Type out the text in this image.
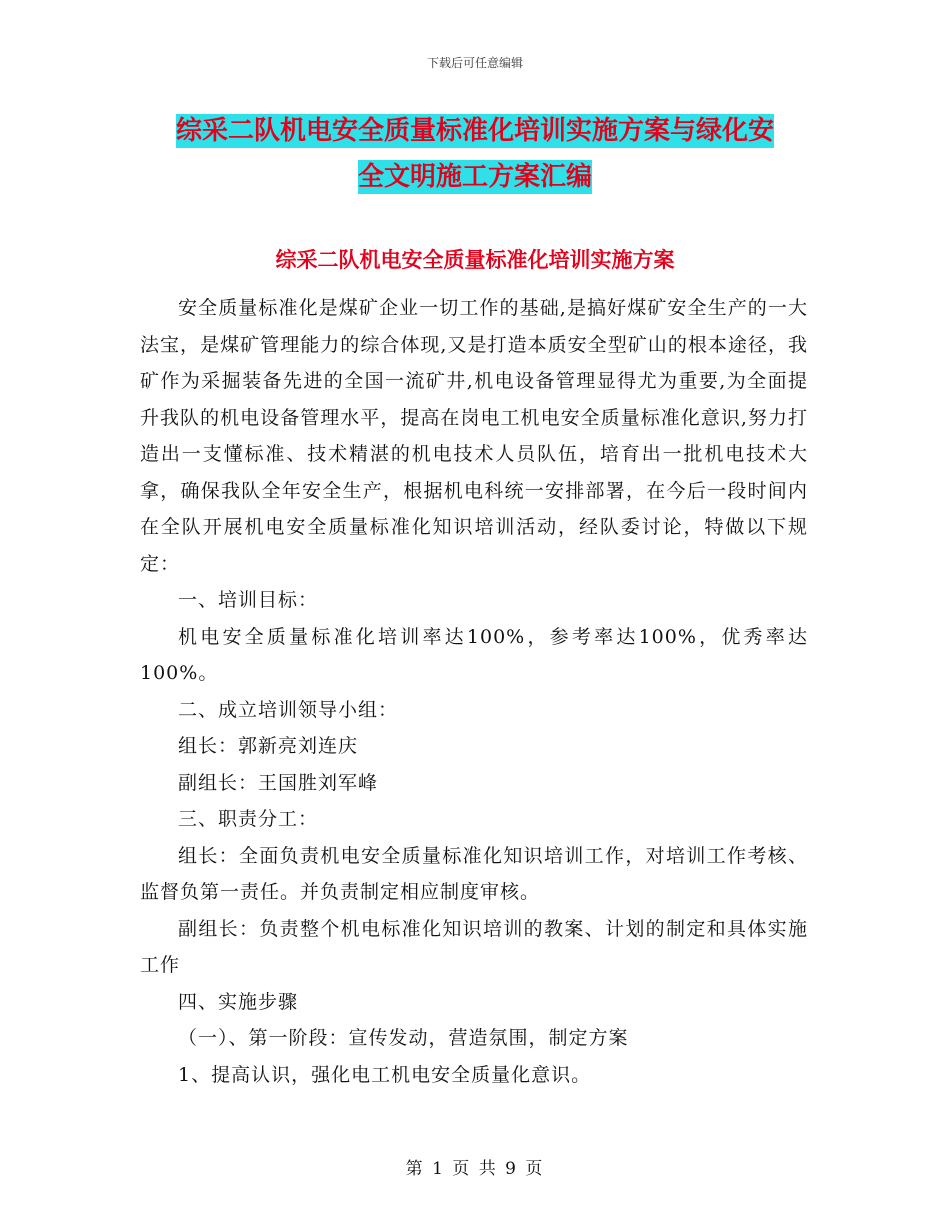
下载后可任意编辑
综采二队机电安全质量标准化培训实施方案与绿化安
全文明施工方案汇编
综采二队机电安全质量标准化培训实施方案

安全质量标准化是煤矿企业一切工作的基础,是搞好煤矿安全生产的一大法宝，是煤矿管理能力的综合体现,又是打造本质安全型矿山的根本途径，我矿作为采掘装备先进的全国一流矿井,机电设备管理显得尤为重要,为全面提升我队的机电设备管理水平，提高在岗电工机电安全质量标准化意识,努力打造出一支懂标准、技术精湛的机电技术人员队伍，培育出一批机电技术大拿，确保我队全年安全生产，根据机电科统一安排部署，在今后一段时间内在全队开展机电安全质量标准化知识培训活动，经队委讨论，特做以下规定：

一、培训目标：

机电安全质量标准化培训率达100%，参考率达100%，优秀率达100%。

二、成立培训领导小组：

组长：郭新亮刘连庆

副组长：王国胜刘军峰

三、职责分工：

组长：全面负责机电安全质量标准化知识培训工作，对培训工作考核、监督负第一责任。并负责制定相应制度审核。

副组长：负责整个机电标准化知识培训的教案、计划的制定和具体实施工作

四、实施步骤

（一）、第一阶段：宣传发动，营造氛围，制定方案

1、提高认识，强化电工机电安全质量化意识。

第 1 页 共 9 页
